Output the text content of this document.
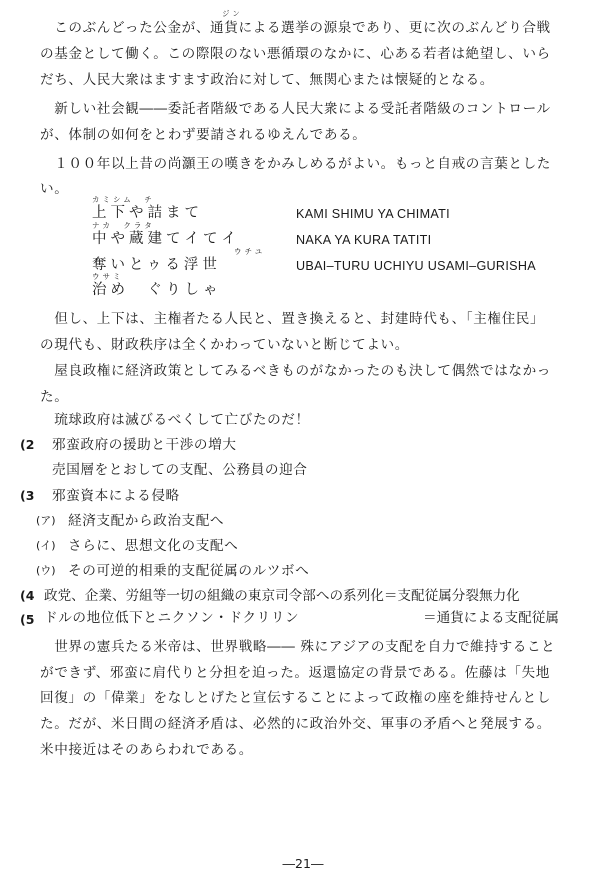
ジン
　このぶんどった公金が、通貨による選挙の源泉であり、更に次のぶんどり合戦
の基金として働く。この際限のない悪循環のなかに、心ある若者は絶望し、いら
だち、人民大衆はますます政治に対して、無関心または懐疑的となる。
　新しい社会観――委託者階級である人民大衆による受託者階級のコントロール
が、体制の如何をとわず要請されるゆえんである。
　１００年以上昔の尚灝王の嘆きをかみしめるがよい。もっと自戒の言葉とした
い。
カミシム　チ
上下や詰まて	KAMI SHIMU YA CHIMATI
ナカ　クラタ
中や蔵建てイてイ	NAKA YA KURA TATITI
ウチユ
奪いとゥる浮世	UBAI–TURU UCHIYU USAMI–GURISHA
ウサミ
治め　ぐりしゃ
　但し、上下は、主権者たる人民と、置き換えると、封建時代も、「主権住民」
の現代も、財政秩序は全くかわっていないと断じてよい。
　屋良政権に経済政策としてみるべきものがなかったのも決して偶然ではなかっ
た。
　琉球政府は滅びるべくして亡びたのだ！
(2 邪蛮政府の援助と干渉の増大
売国層をとおしての支配、公務員の迎合
(3 邪蛮資本による侵略
(ア) 経済支配から政治支配へ
(イ) さらに、思想文化の支配へ
(ウ) その可逆的相乗的支配従属のルツボへ
(4 政党、企業、労組等一切の組織の東京司令部への系列化＝支配従属分裂無力化
(5 ドルの地位低下とニクソン・ドクリリン	＝通貨による支配従属
　世界の憲兵たる米帝は、世界戦略―― 殊にアジアの支配を自力で維持すること
ができず、邪蛮に肩代りと分担を迫った。返還協定の背景である。佐藤は「失地
回復」の「偉業」をなしとげたと宣伝することによって政権の座を維持せんとし
た。だが、米日間の経済矛盾は、必然的に政治外交、軍事の矛盾へと発展する。
米中接近はそのあらわれである。
―21―
